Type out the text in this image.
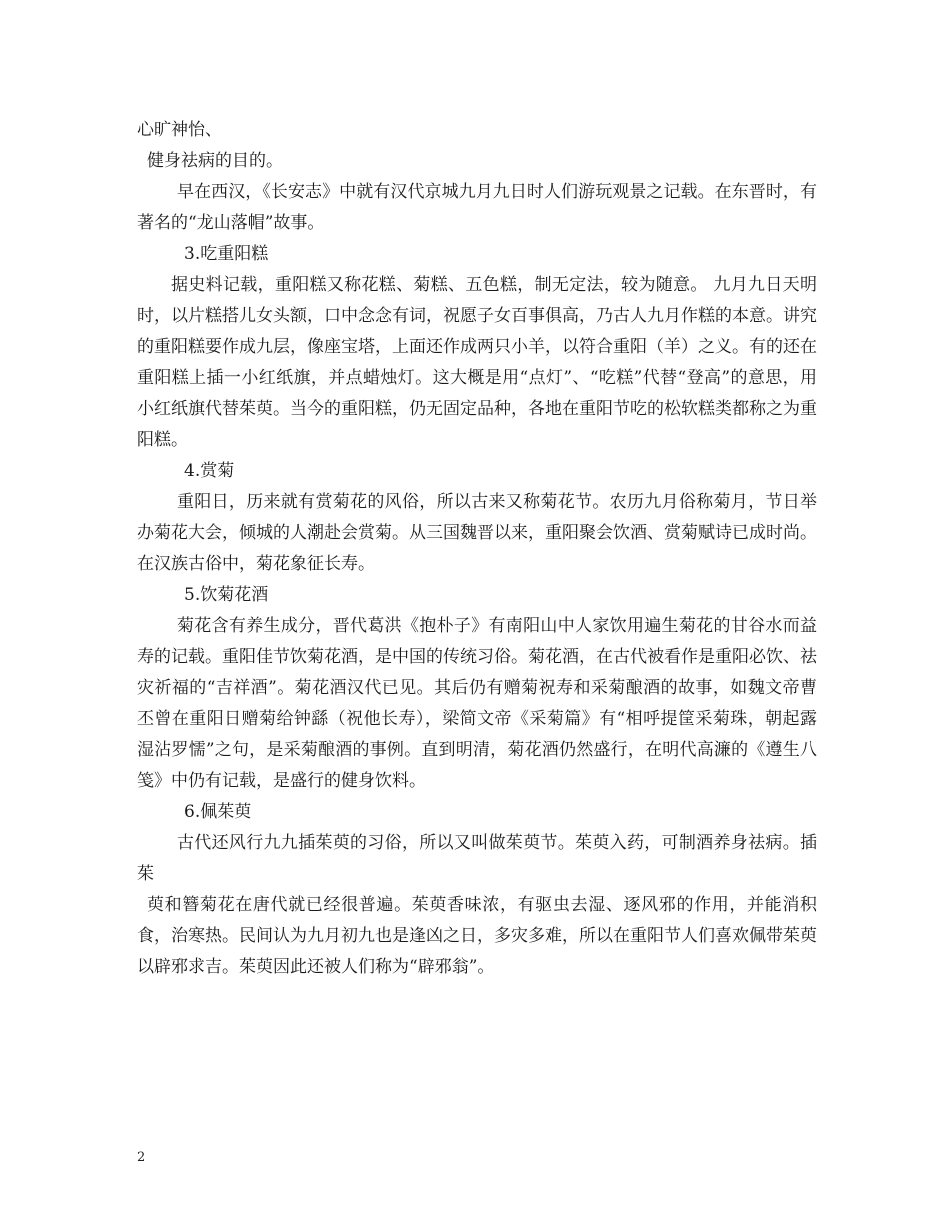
心旷神怡、

健身祛病的目的。

早在西汉，《长安志》中就有汉代京城九月九日时人们游玩观景之记载。在东晋时，有著名的“龙山落帽”故事。

3.吃重阳糕

据史料记载，重阳糕又称花糕、菊糕、五色糕，制无定法，较为随意。 九月九日天明时，以片糕搭儿女头额，口中念念有词，祝愿子女百事俱高，乃古人九月作糕的本意。讲究的重阳糕要作成九层，像座宝塔，上面还作成两只小羊，以符合重阳（羊）之义。有的还在重阳糕上插一小红纸旗，并点蜡烛灯。这大概是用“点灯”、“吃糕”代替“登高”的意思，用小红纸旗代替茱萸。当今的重阳糕，仍无固定品种，各地在重阳节吃的松软糕类都称之为重阳糕。

4.赏菊

重阳日，历来就有赏菊花的风俗，所以古来又称菊花节。农历九月俗称菊月，节日举办菊花大会，倾城的人潮赴会赏菊。从三国魏晋以来，重阳聚会饮酒、赏菊赋诗已成时尚。在汉族古俗中，菊花象征长寿。

5.饮菊花酒

菊花含有养生成分，晋代葛洪《抱朴子》有南阳山中人家饮用遍生菊花的甘谷水而益寿的记载。重阳佳节饮菊花酒，是中国的传统习俗。菊花酒，在古代被看作是重阳必饮、祛灾祈福的“吉祥酒”。菊花酒汉代已见。其后仍有赠菊祝寿和采菊酿酒的故事，如魏文帝曹丕曾在重阳日赠菊给钟繇（祝他长寿），梁简文帝《采菊篇》有“相呼提筐采菊珠，朝起露湿沾罗懦”之句，是采菊酿酒的事例。直到明清，菊花酒仍然盛行，在明代高濂的《遵生八笺》中仍有记载，是盛行的健身饮料。

6.佩茱萸

古代还风行九九插茱萸的习俗，所以又叫做茱萸节。茱萸入药，可制酒养身祛病。插茱

萸和簪菊花在唐代就已经很普遍。茱萸香味浓，有驱虫去湿、逐风邪的作用，并能消积食，治寒热。民间认为九月初九也是逢凶之日，多灾多难，所以在重阳节人们喜欢佩带茱萸以辟邪求吉。茱萸因此还被人们称为“辟邪翁”。

2
